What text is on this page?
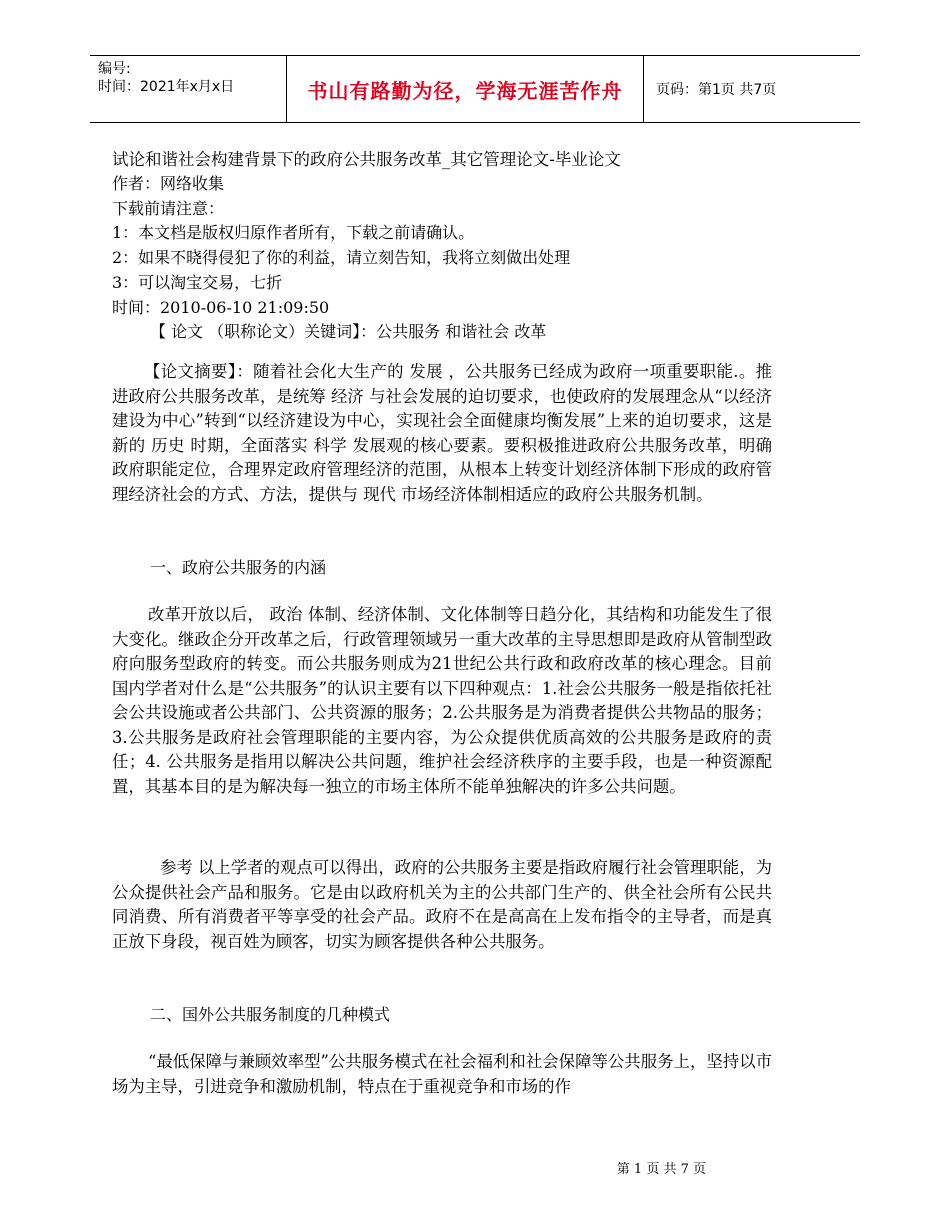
编号:
时间：2021年x月x日	书山有路勤为径，学海无涯苦作舟 页码：第1页 共7页
试论和谐社会构建背景下的政府公共服务改革_其它管理论文-毕业论文
作者：网络收集
下载前请注意：
1：本文档是版权归原作者所有，下载之前请确认。
2：如果不晓得侵犯了你的利益，请立刻告知，我将立刻做出处理
3：可以淘宝交易，七折
时间：2010-06-10 21:09:50
【 论文 （职称论文）关键词】：公共服务 和谐社会 改革

【论文摘要】：随着社会化大生产的 发展 ，公共服务已经成为政府一项重要职能.。推进政府公共服务改革，是统筹 经济 与社会发展的迫切要求，也使政府的发展理念从“以经济建设为中心”转到“以经济建设为中心，实现社会全面健康均衡发展”上来的迫切要求，这是新的 历史 时期，全面落实 科学 发展观的核心要素。要积极推进政府公共服务改革，明确政府职能定位，合理界定政府管理经济的范围，从根本上转变计划经济体制下形成的政府管理经济社会的方式、方法，提供与 现代 市场经济体制相适应的政府公共服务机制。

一、政府公共服务的内涵

改革开放以后， 政治 体制、经济体制、文化体制等日趋分化，其结构和功能发生了很大变化。继政企分开改革之后，行政管理领域另一重大改革的主导思想即是政府从管制型政府向服务型政府的转变。而公共服务则成为21世纪公共行政和政府改革的核心理念。目前国内学者对什么是“公共服务”的认识主要有以下四种观点：1.社会公共服务一般是指依托社会公共设施或者公共部门、公共资源的服务；2.公共服务是为消费者提供公共物品的服务；3.公共服务是政府社会管理职能的主要内容，为公众提供优质高效的公共服务是政府的责任；4. 公共服务是指用以解决公共问题，维护社会经济秩序的主要手段，也是一种资源配置，其基本目的是为解决每一独立的市场主体所不能单独解决的许多公共问题。

参考 以上学者的观点可以得出，政府的公共服务主要是指政府履行社会管理职能，为公众提供社会产品和服务。它是由以政府机关为主的公共部门生产的、供全社会所有公民共同消费、所有消费者平等享受的社会产品。政府不在是高高在上发布指令的主导者，而是真正放下身段，视百姓为顾客，切实为顾客提供各种公共服务。

二、国外公共服务制度的几种模式

“最低保障与兼顾效率型”公共服务模式在社会福利和社会保障等公共服务上，坚持以市场为主导，引进竞争和激励机制，特点在于重视竞争和市场的作

第 1 页 共 7 页
